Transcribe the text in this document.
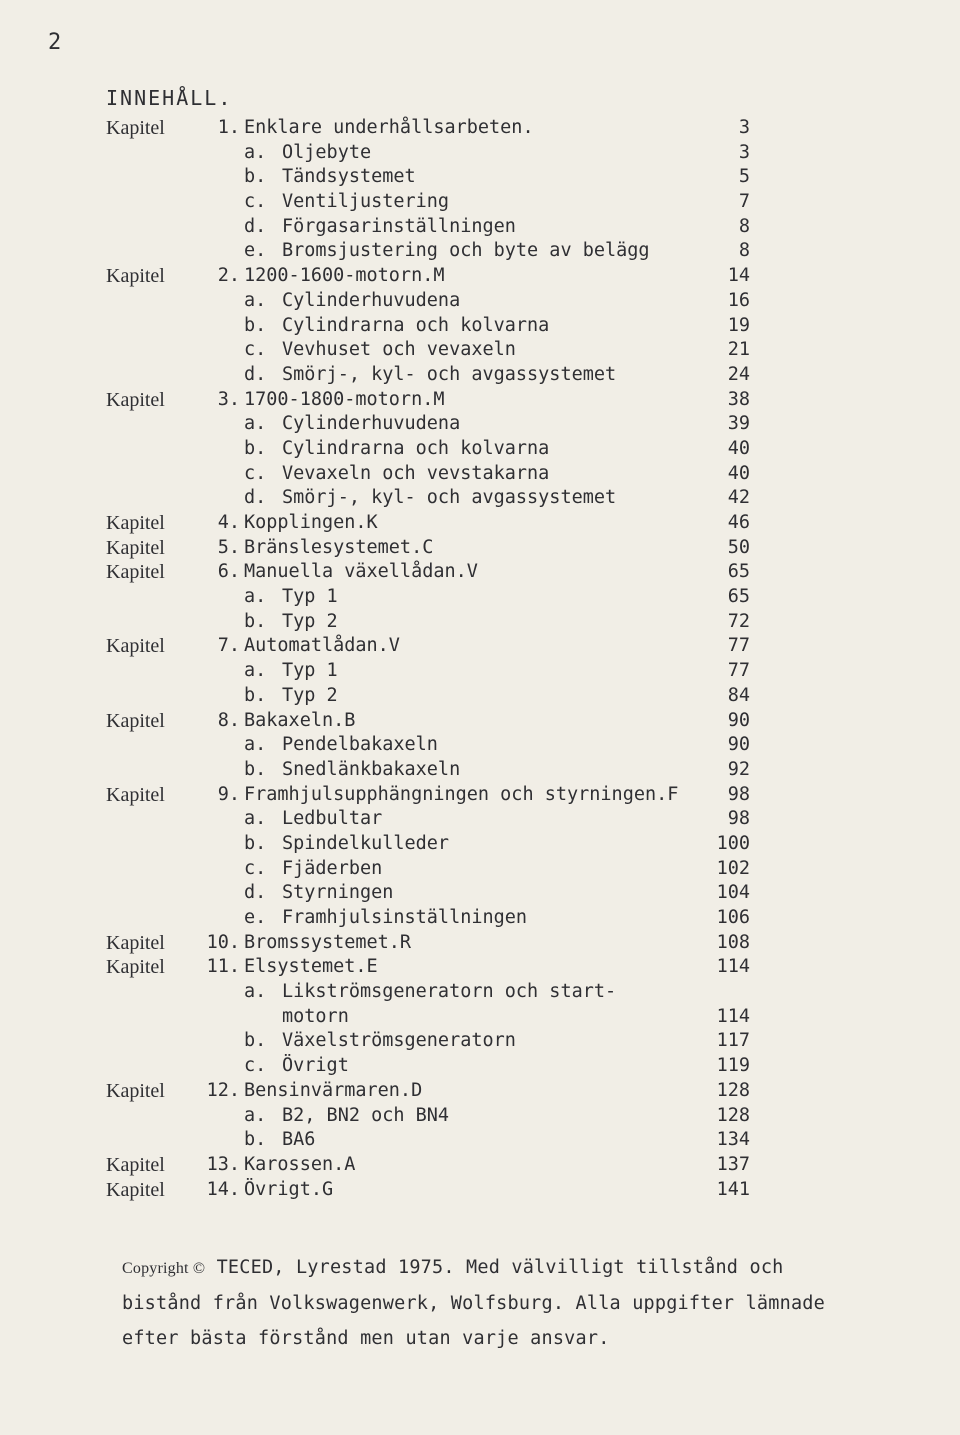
2
INNEHÅLL.
Kapitel	1. Enklare underhållsarbeten.	3
a. Oljebyte	3
b. Tändsystemet	5
c. Ventiljustering	7
d. Förgasarinställningen	8
e. Bromsjustering och byte av belägg	8
Kapitel	2. 1200-1600-motorn.M	14
a. Cylinderhuvudena	16
b. Cylindrarna och kolvarna	19
c. Vevhuset och vevaxeln	21
d. Smörj-, kyl- och avgassystemet	24
Kapitel	3. 1700-1800-motorn.M	38
a. Cylinderhuvudena	39
b. Cylindrarna och kolvarna	40
c. Vevaxeln och vevstakarna	40
d. Smörj-, kyl- och avgassystemet	42
Kapitel	4. Kopplingen.K	46
Kapitel	5. Bränslesystemet.C	50
Kapitel	6. Manuella växellådan.V	65
a. Typ 1	65
b. Typ 2	72
Kapitel	7. Automatlådan.V	77
a. Typ 1	77
b. Typ 2	84
Kapitel	8. Bakaxeln.B	90
a. Pendelbakaxeln	90
b. Snedlänkbakaxeln	92
Kapitel	9. Framhjulsupphängningen och styrningen.F	98
a. Ledbultar	98
b. Spindelkulleder	100
c. Fjäderben	102
d. Styrningen	104
e. Framhjulsinställningen	106
Kapitel 10. Bromssystemet.R	108
Kapitel 11. Elsystemet.E	114
a. Likströmsgeneratorn och start-
motorn	114
b. Växelströmsgeneratorn	117
c. Övrigt	119
Kapitel 12. Bensinvärmaren.D	128
a. B2, BN2 och BN4	128
b. BA6	134
Kapitel 13. Karossen.A	137
Kapitel 14. Övrigt.G	141
Copyright © TECED, Lyrestad 1975. Med välvilligt tillstånd och bistånd från Volkswagenwerk, Wolfsburg. Alla uppgifter lämnade efter bästa förstånd men utan varje ansvar.
